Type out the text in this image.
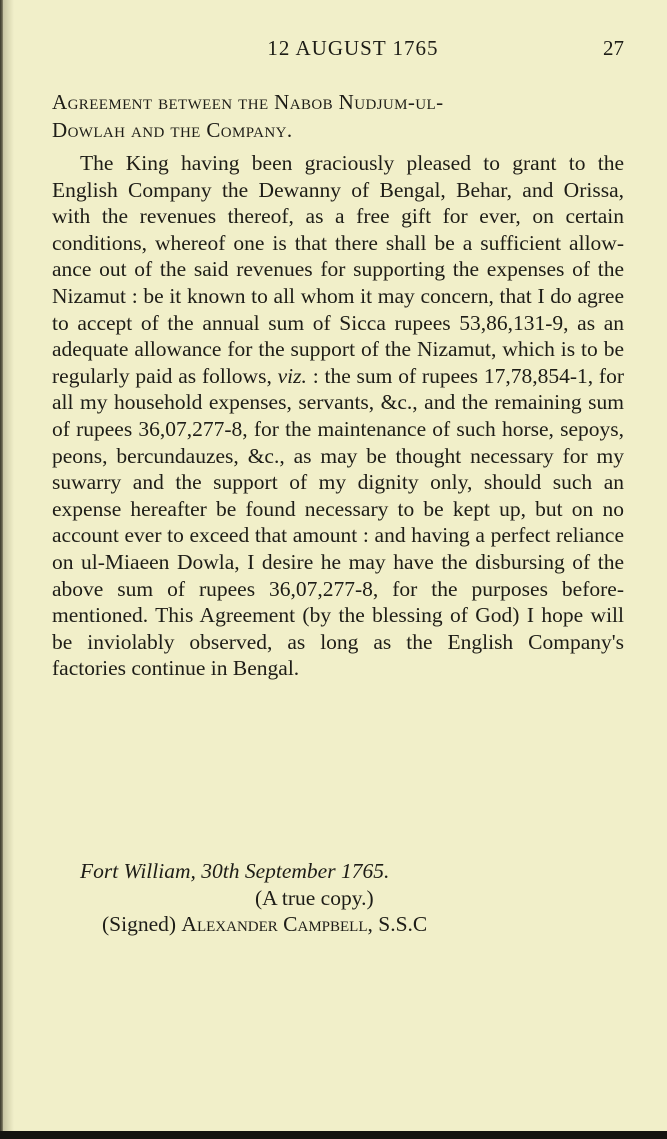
12 AUGUST 1765	27
Agreement between the Nabob Nudjum-ul-
Dowlah and the Company.
The King having been graciously pleased to grant to the English Company the Dewanny of Bengal, Behar, and Orissa, with the revenues thereof, as a free gift for ever, on certain conditions, whereof one is that there shall be a sufficient allowance out of the said revenues for supporting the expenses of the Nizamut : be it known to all whom it may concern, that I do agree to accept of the annual sum of Sicca rupees 53,86,131-9, as an adequate allowance for the support of the Nizamut, which is to be regularly paid as follows, viz. : the sum of rupees 17,78,854-1, for all my household expenses, servants, &c., and the remaining sum of rupees 36,07,277-8, for the maintenance of such horse, sepoys, peons, bercundauzes, &c., as may be thought necessary for my suwarry and the support of my dignity only, should such an expense hereafter be found necessary to be kept up, but on no account ever to exceed that amount : and having a perfect reliance on ul-Miaeen Dowla, I desire he may have the disbursing of the above sum of rupees 36,07,277-8, for the purposes beforementioned. This Agreement (by the blessing of God) I hope will be inviolably observed, as long as the English Company's factories continue in Bengal.
Fort William, 30th September 1765.
(A true copy.)
(Signed) Alexander Campbell, S.S.C
